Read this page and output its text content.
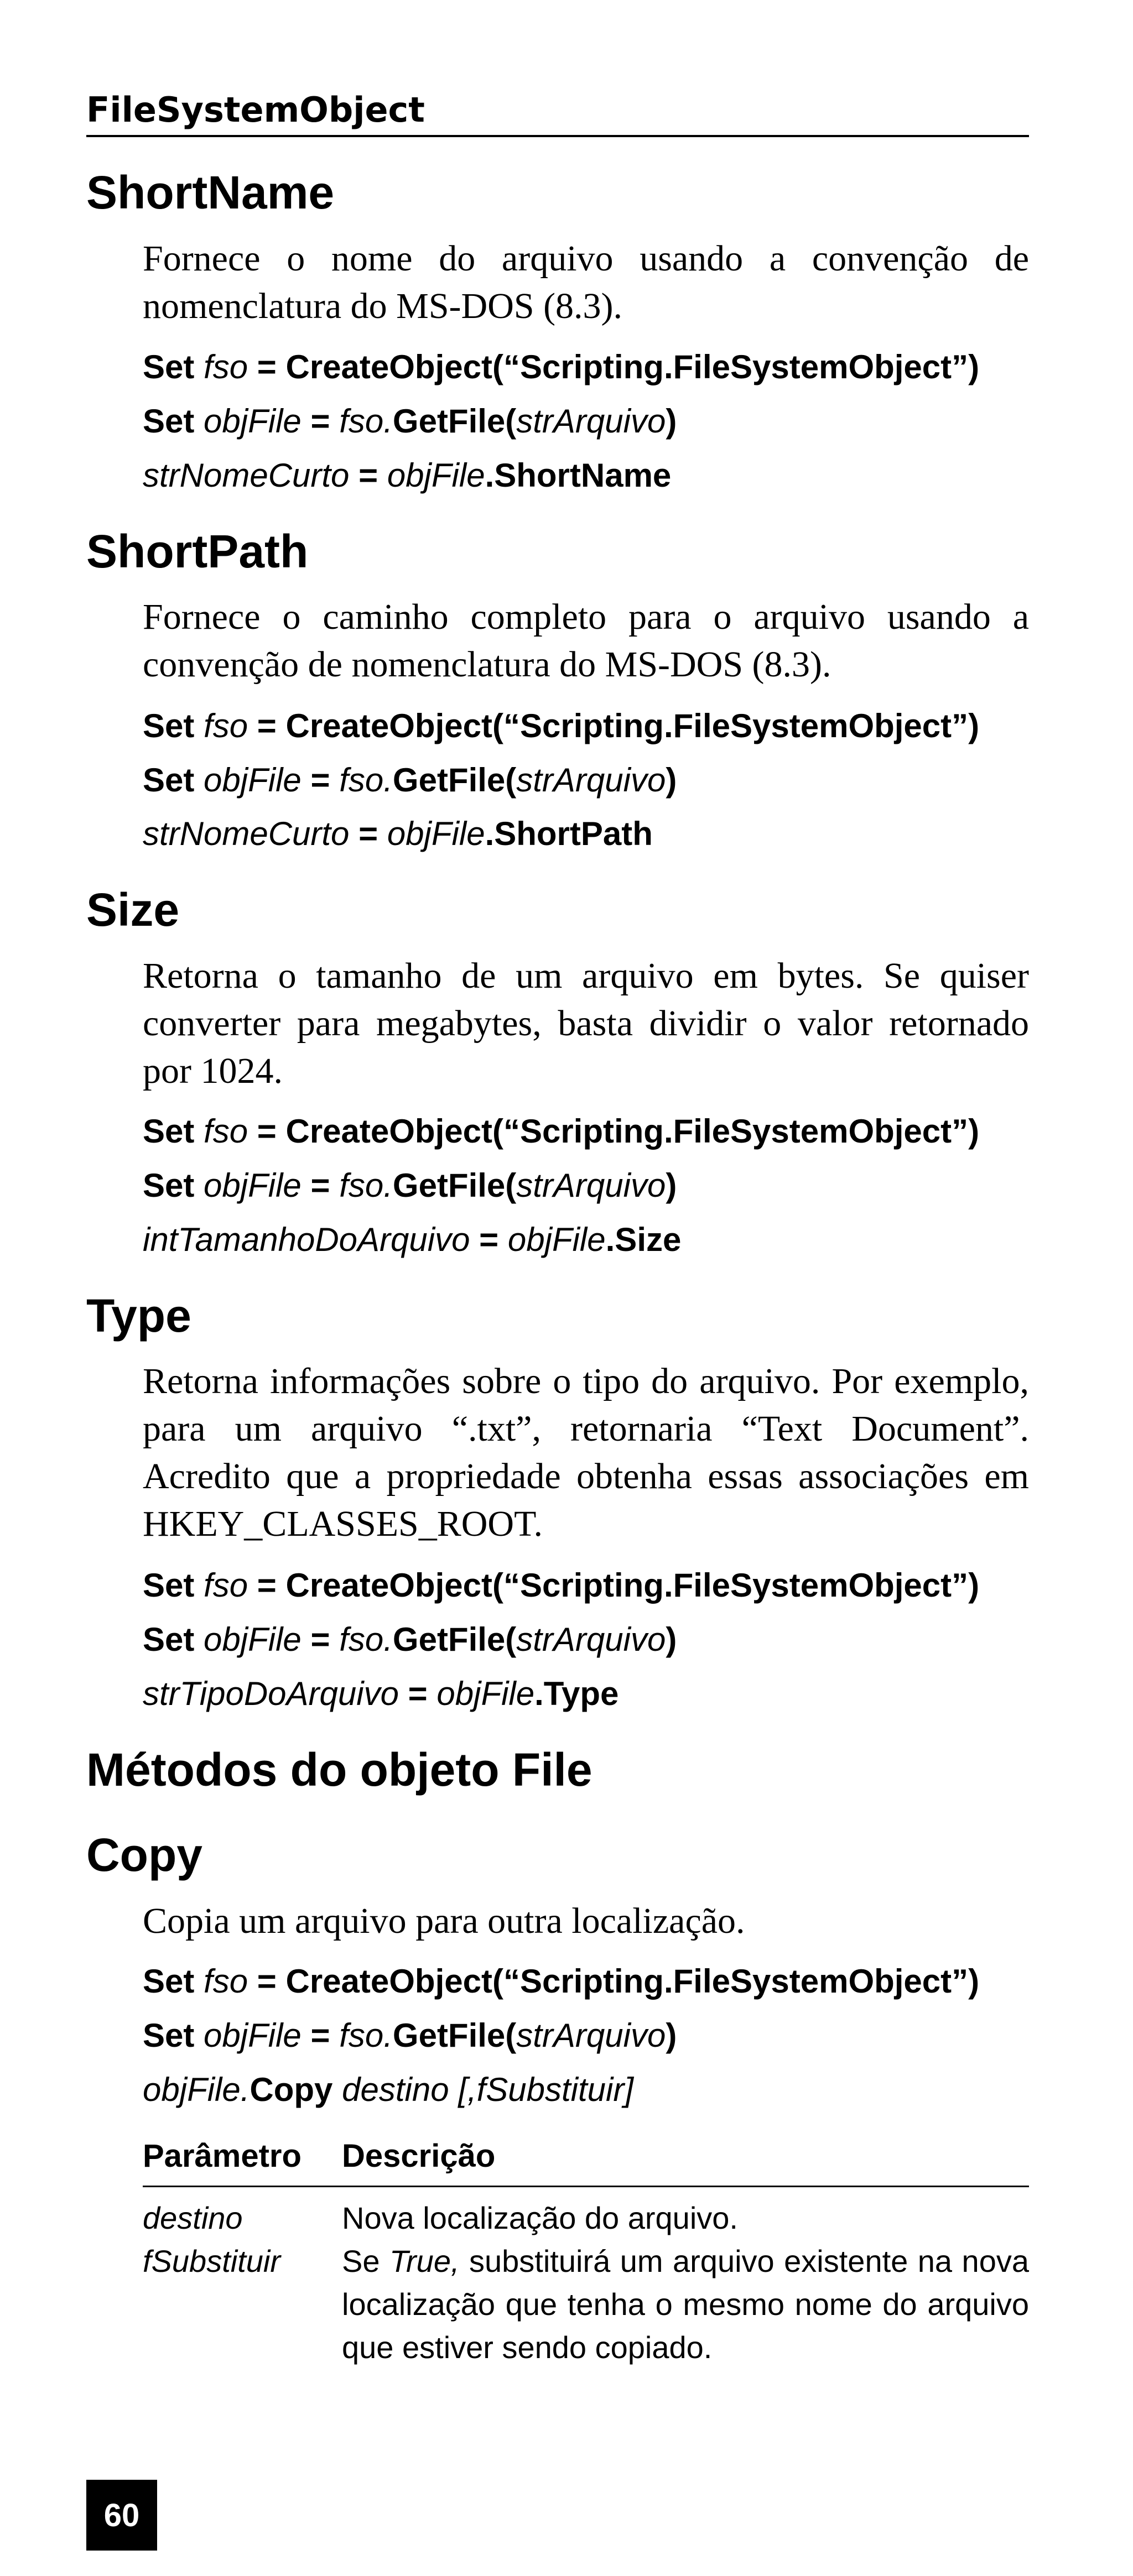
FileSystemObject
ShortName
Fornece o nome do arquivo usando a convenção de nomenclatura do MS-DOS (8.3).
Set fso = CreateObject(“Scripting.FileSystemObject”)
Set objFile = fso.GetFile(strArquivo)
strNomeCurto = objFile.ShortName
ShortPath
Fornece o caminho completo para o arquivo usando a convenção de nomenclatura do MS-DOS (8.3).
Set fso = CreateObject(“Scripting.FileSystemObject”)
Set objFile = fso.GetFile(strArquivo)
strNomeCurto = objFile.ShortPath
Size
Retorna o tamanho de um arquivo em bytes. Se quiser converter para megabytes, basta dividir o valor retornado por 1024.
Set fso = CreateObject(“Scripting.FileSystemObject”)
Set objFile = fso.GetFile(strArquivo)
intTamanhoDoArquivo = objFile.Size
Type
Retorna informações sobre o tipo do arquivo. Por exemplo, para um arquivo “.txt”, retornaria “Text Document”. Acredito que a propriedade obtenha essas associações em HKEY_CLASSES_ROOT.
Set fso = CreateObject(“Scripting.FileSystemObject”)
Set objFile = fso.GetFile(strArquivo)
strTipoDoArquivo = objFile.Type
Métodos do objeto File
Copy
Copia um arquivo para outra localização.
Set fso = CreateObject(“Scripting.FileSystemObject”)
Set objFile = fso.GetFile(strArquivo)
objFile.Copy destino [,fSubstituir]
Parâmetro Descrição

destino	Nova localização do arquivo.
fSubstituir Se True, substituirá um arquivo existente na nova localização que tenha o mesmo nome do arquivo que estiver sendo copiado.
60
